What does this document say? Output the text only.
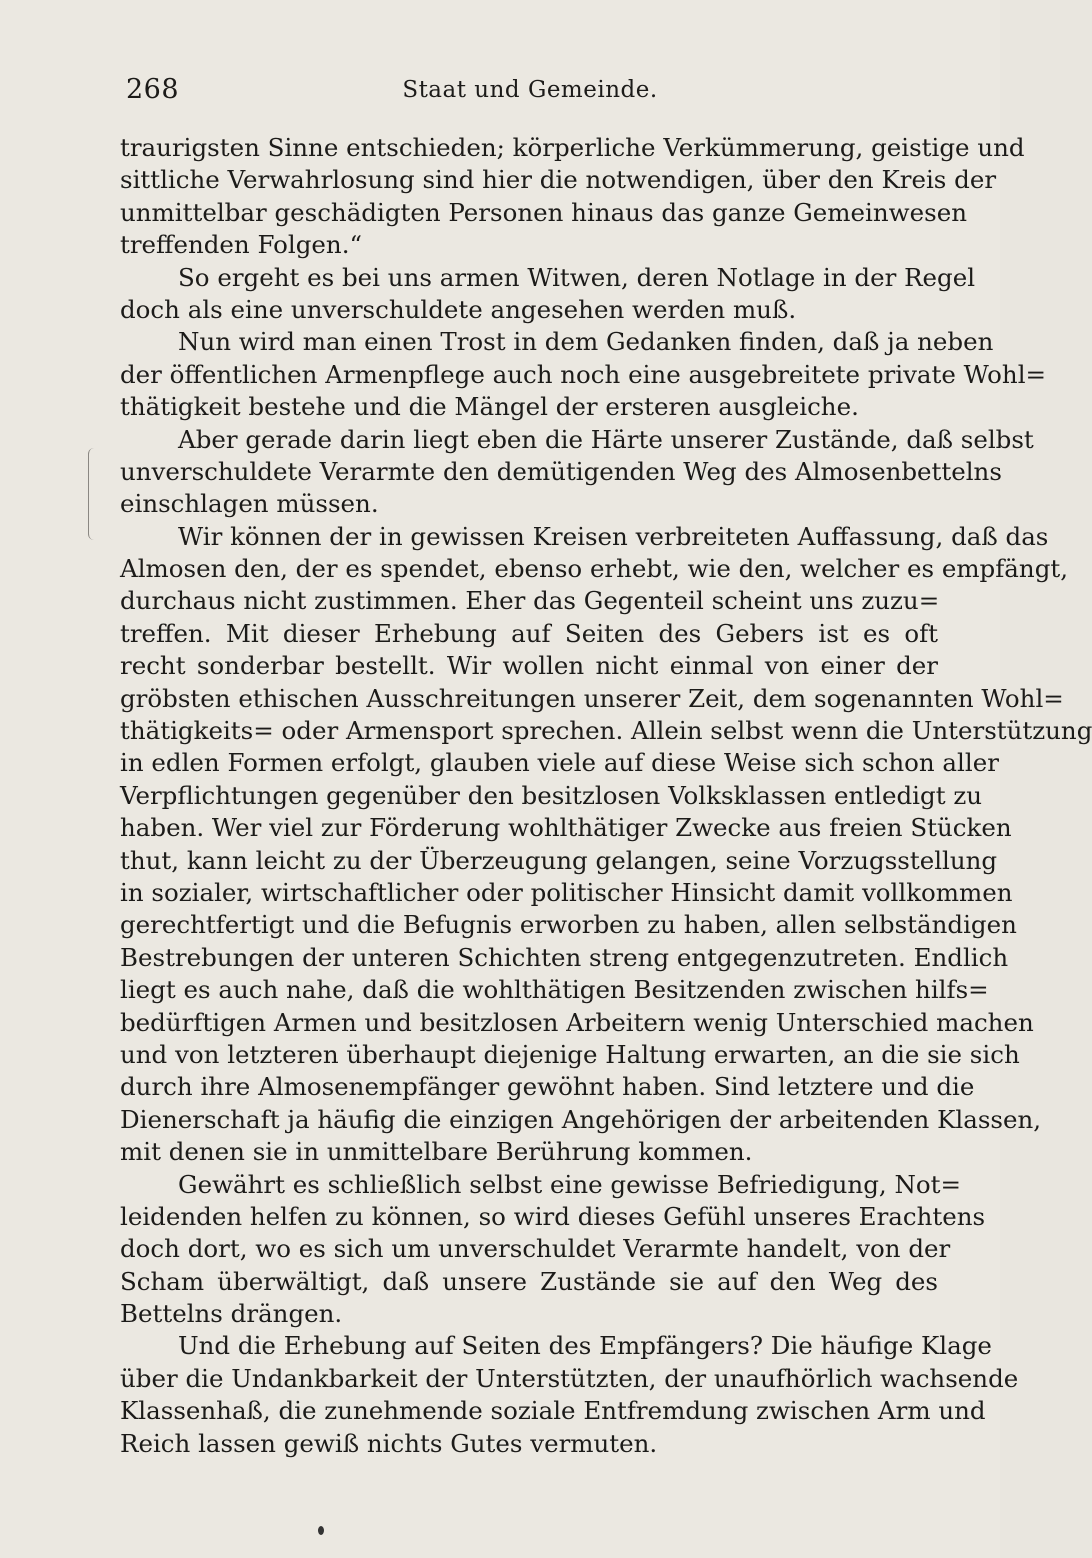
268	Staat und Gemeinde.
traurigsten Sinne entschieden; körperliche Verkümmerung, geistige und
sittliche Verwahrlosung sind hier die notwendigen, über den Kreis der
unmittelbar geschädigten Personen hinaus das ganze Gemeinwesen
treffenden Folgen.“
So ergeht es bei uns armen Witwen, deren Notlage in der Regel
doch als eine unverschuldete angesehen werden muß.
Nun wird man einen Trost in dem Gedanken finden, daß ja neben
der öffentlichen Armenpflege auch noch eine ausgebreitete private Wohl=
thätigkeit bestehe und die Mängel der ersteren ausgleiche.
Aber gerade darin liegt eben die Härte unserer Zustände, daß selbst
unverschuldete Verarmte den demütigenden Weg des Almosenbettelns
einschlagen müssen.
Wir können der in gewissen Kreisen verbreiteten Auffassung, daß das
Almosen den, der es spendet, ebenso erhebt, wie den, welcher es empfängt,
durchaus nicht zustimmen. Eher das Gegenteil scheint uns zuzu=
treffen. Mit dieser Erhebung auf Seiten des Gebers ist es oft
recht sonderbar bestellt. Wir wollen nicht einmal von einer der
gröbsten ethischen Ausschreitungen unserer Zeit, dem sogenannten Wohl=
thätigkeits= oder Armensport sprechen. Allein selbst wenn die Unterstützung
in edlen Formen erfolgt, glauben viele auf diese Weise sich schon aller
Verpflichtungen gegenüber den besitzlosen Volksklassen entledigt zu
haben. Wer viel zur Förderung wohlthätiger Zwecke aus freien Stücken
thut, kann leicht zu der Überzeugung gelangen, seine Vorzugsstellung
in sozialer, wirtschaftlicher oder politischer Hinsicht damit vollkommen
gerechtfertigt und die Befugnis erworben zu haben, allen selbständigen
Bestrebungen der unteren Schichten streng entgegenzutreten. Endlich
liegt es auch nahe, daß die wohlthätigen Besitzenden zwischen hilfs=
bedürftigen Armen und besitzlosen Arbeitern wenig Unterschied machen
und von letzteren überhaupt diejenige Haltung erwarten, an die sie sich
durch ihre Almosenempfänger gewöhnt haben. Sind letztere und die
Dienerschaft ja häufig die einzigen Angehörigen der arbeitenden Klassen,
mit denen sie in unmittelbare Berührung kommen.
Gewährt es schließlich selbst eine gewisse Befriedigung, Not=
leidenden helfen zu können, so wird dieses Gefühl unseres Erachtens
doch dort, wo es sich um unverschuldet Verarmte handelt, von der
Scham überwältigt, daß unsere Zustände sie auf den Weg des
Bettelns drängen.
Und die Erhebung auf Seiten des Empfängers? Die häufige Klage
über die Undankbarkeit der Unterstützten, der unaufhörlich wachsende
Klassenhaß, die zunehmende soziale Entfremdung zwischen Arm und
Reich lassen gewiß nichts Gutes vermuten.
